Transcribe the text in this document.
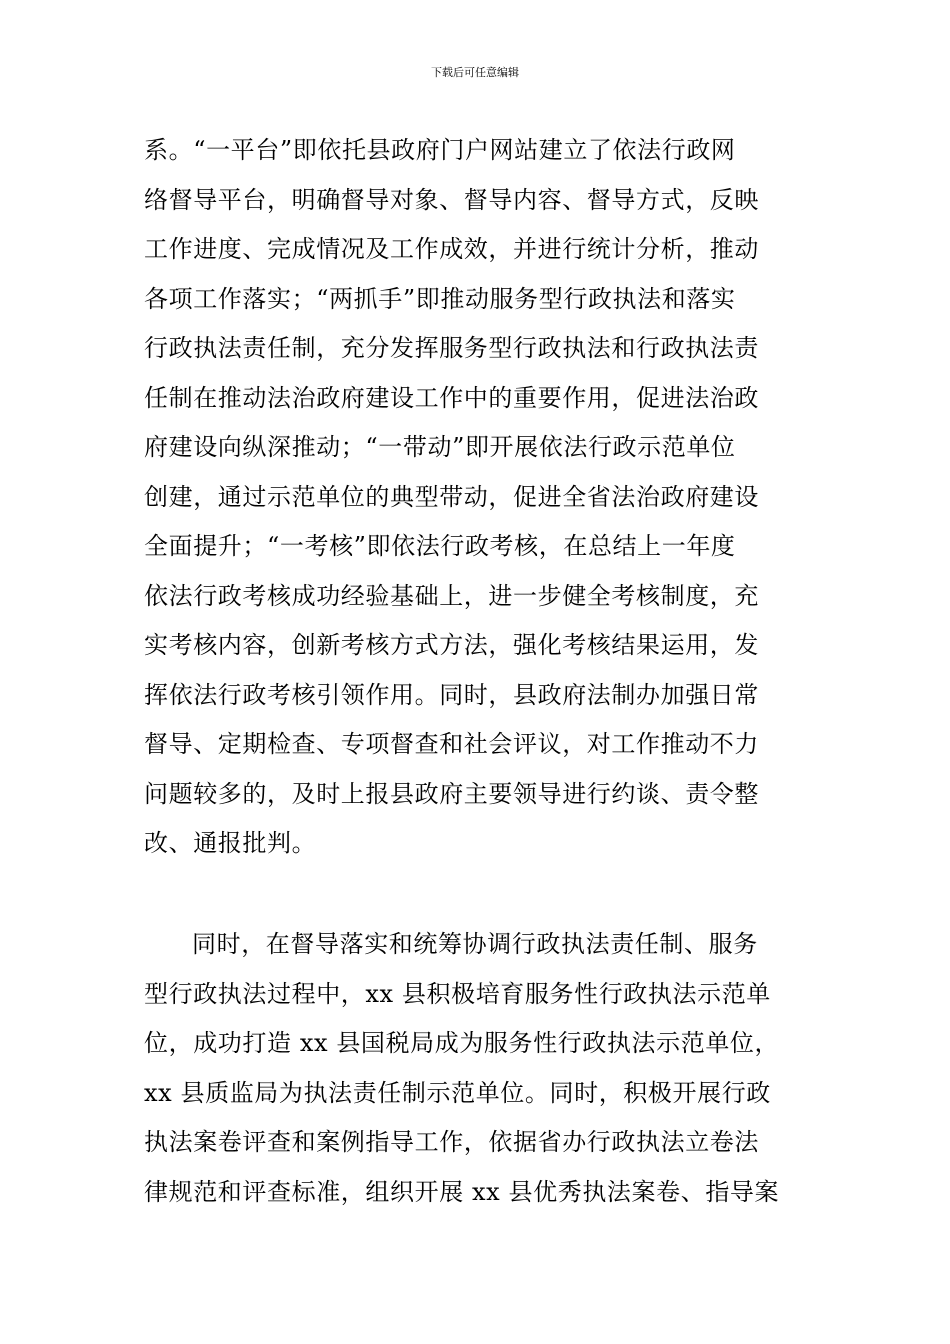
下载后可任意编辑
系。“一平台”即依托县政府门户网站建立了依法行政网
络督导平台，明确督导对象、督导内容、督导方式，反映
工作进度、完成情况及工作成效，并进行统计分析，推动
各项工作落实；“两抓手”即推动服务型行政执法和落实
行政执法责任制，充分发挥服务型行政执法和行政执法责
任制在推动法治政府建设工作中的重要作用，促进法治政
府建设向纵深推动；“一带动”即开展依法行政示范单位
创建，通过示范单位的典型带动，促进全省法治政府建设
全面提升；“一考核”即依法行政考核，在总结上一年度
依法行政考核成功经验基础上，进一步健全考核制度，充
实考核内容，创新考核方式方法，强化考核结果运用，发
挥依法行政考核引领作用。同时，县政府法制办加强日常
督导、定期检查、专项督查和社会评议，对工作推动不力
问题较多的，及时上报县政府主要领导进行约谈、责令整
改、通报批判。
同时，在督导落实和统筹协调行政执法责任制、服务
型行政执法过程中，xx 县积极培育服务性行政执法示范单
位，成功打造 xx 县国税局成为服务性行政执法示范单位，
xx 县质监局为执法责任制示范单位。同时，积极开展行政
执法案卷评查和案例指导工作，依据省办行政执法立卷法
律规范和评查标准，组织开展 xx 县优秀执法案卷、指导案
